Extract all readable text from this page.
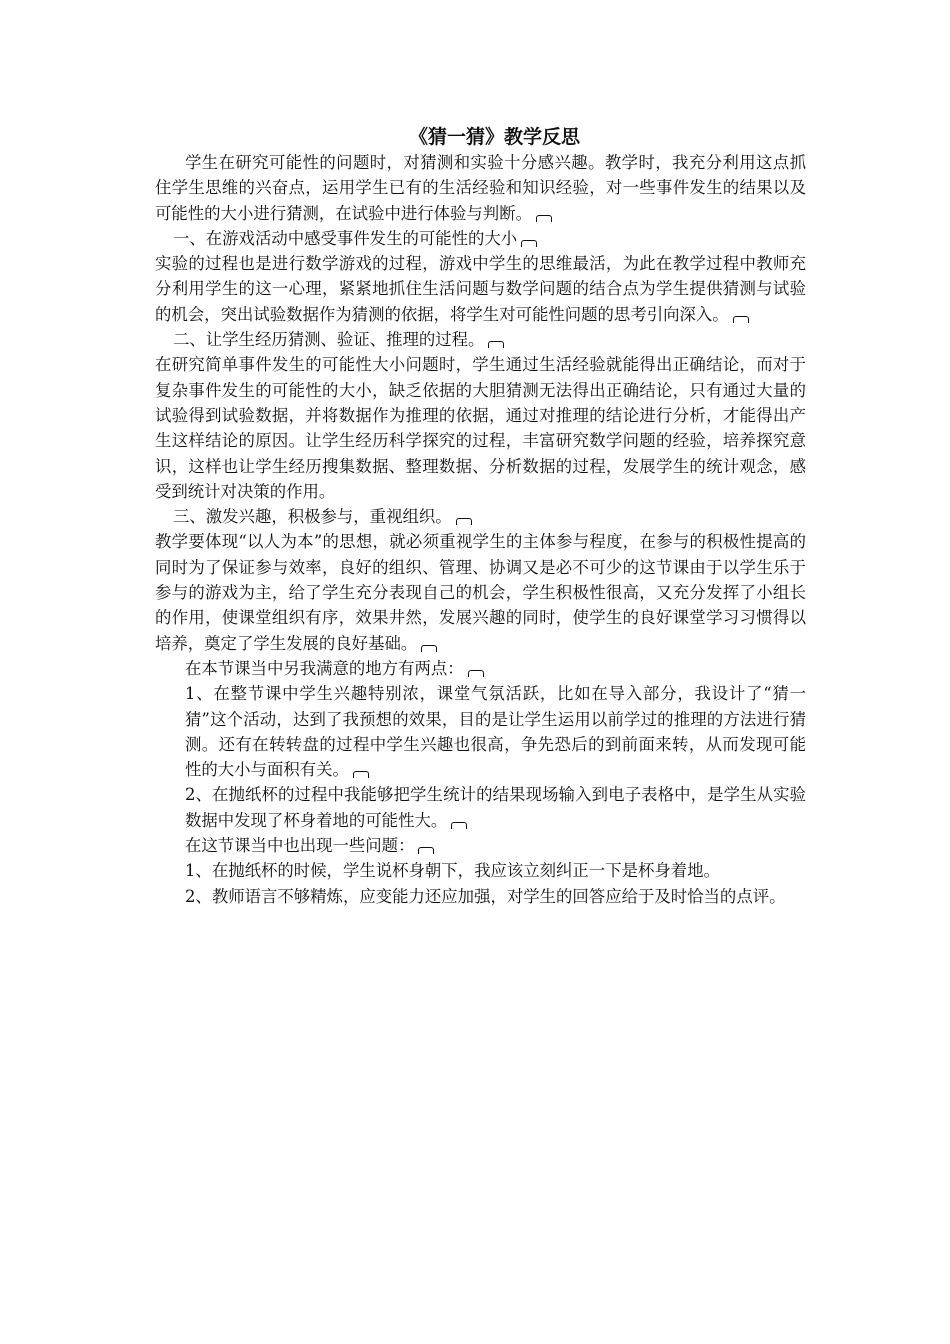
《猜一猜》教学反思

学生在研究可能性的问题时，对猜测和实验十分感兴趣。教学时，我充分利用这点抓住学生思维的兴奋点，运用学生已有的生活经验和知识经验，对一些事件发生的结果以及可能性的大小进行猜测，在试验中进行体验与判断。

一、在游戏活动中感受事件发生的可能性的大小

实验的过程也是进行数学游戏的过程，游戏中学生的思维最活，为此在教学过程中教师充分利用学生的这一心理，紧紧地抓住生活问题与数学问题的结合点为学生提供猜测与试验的机会，突出试验数据作为猜测的依据，将学生对可能性问题的思考引向深入。

二、让学生经历猜测、验证、推理的过程。

在研究简单事件发生的可能性大小问题时，学生通过生活经验就能得出正确结论，而对于复杂事件发生的可能性的大小，缺乏依据的大胆猜测无法得出正确结论，只有通过大量的试验得到试验数据，并将数据作为推理的依据，通过对推理的结论进行分析，才能得出产生这样结论的原因。让学生经历科学探究的过程，丰富研究数学问题的经验，培养探究意识，这样也让学生经历搜集数据、整理数据、分析数据的过程，发展学生的统计观念，感受到统计对决策的作用。

三、激发兴趣，积极参与，重视组织。

教学要体现“以人为本”的思想，就必须重视学生的主体参与程度，在参与的积极性提高的同时为了保证参与效率，良好的组织、管理、协调又是必不可少的这节课由于以学生乐于参与的游戏为主，给了学生充分表现自己的机会，学生积极性很高，又充分发挥了小组长的作用，使课堂组织有序，效果井然，发展兴趣的同时，使学生的良好课堂学习习惯得以培养，奠定了学生发展的良好基础。

在本节课当中另我满意的地方有两点：

1、在整节课中学生兴趣特别浓，课堂气氛活跃，比如在导入部分，我设计了“猜一猜”这个活动，达到了我预想的效果，目的是让学生运用以前学过的推理的方法进行猜测。还有在转转盘的过程中学生兴趣也很高，争先恐后的到前面来转，从而发现可能性的大小与面积有关。

2、在抛纸杯的过程中我能够把学生统计的结果现场输入到电子表格中，是学生从实验数据中发现了杯身着地的可能性大。

在这节课当中也出现一些问题：

1、在抛纸杯的时候，学生说杯身朝下，我应该立刻纠正一下是杯身着地。

2、教师语言不够精炼，应变能力还应加强，对学生的回答应给于及时恰当的点评。
